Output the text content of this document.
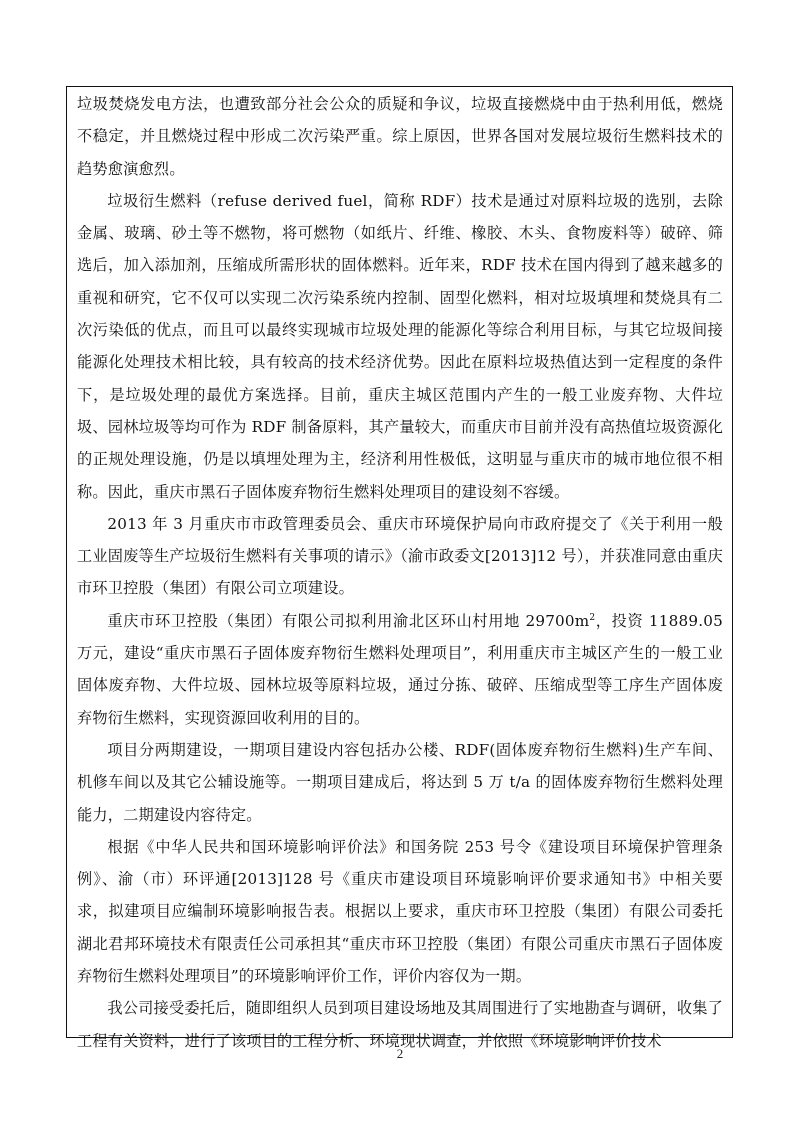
垃圾焚烧发电方法，也遭致部分社会公众的质疑和争议，垃圾直接燃烧中由于热利用低，燃烧不稳定，并且燃烧过程中形成二次污染严重。综上原因，世界各国对发展垃圾衍生燃料技术的趋势愈演愈烈。

垃圾衍生燃料（refuse derived fuel，简称 RDF）技术是通过对原料垃圾的选别，去除金属、玻璃、砂土等不燃物，将可燃物（如纸片、纤维、橡胶、木头、食物废料等）破碎、筛选后，加入添加剂，压缩成所需形状的固体燃料。近年来，RDF 技术在国内得到了越来越多的重视和研究，它不仅可以实现二次污染系统内控制、固型化燃料，相对垃圾填埋和焚烧具有二次污染低的优点，而且可以最终实现城市垃圾处理的能源化等综合利用目标，与其它垃圾间接能源化处理技术相比较，具有较高的技术经济优势。因此在原料垃圾热值达到一定程度的条件下，是垃圾处理的最优方案选择。目前，重庆主城区范围内产生的一般工业废弃物、大件垃圾、园林垃圾等均可作为 RDF 制备原料，其产量较大，而重庆市目前并没有高热值垃圾资源化的正规处理设施，仍是以填埋处理为主，经济利用性极低，这明显与重庆市的城市地位很不相称。因此，重庆市黑石子固体废弃物衍生燃料处理项目的建设刻不容缓。

2013 年 3 月重庆市市政管理委员会、重庆市环境保护局向市政府提交了《关于利用一般工业固废等生产垃圾衍生燃料有关事项的请示》（渝市政委文[2013]12 号），并获准同意由重庆市环卫控股（集团）有限公司立项建设。

重庆市环卫控股（集团）有限公司拟利用渝北区环山村用地 $29700m^2$，投资 11889.05 万元，建设“重庆市黑石子固体废弃物衍生燃料处理项目”，利用重庆市主城区产生的一般工业固体废弃物、大件垃圾、园林垃圾等原料垃圾，通过分拣、破碎、压缩成型等工序生产固体废弃物衍生燃料，实现资源回收利用的目的。

项目分两期建设，一期项目建设内容包括办公楼、RDF(固体废弃物衍生燃料)生产车间、机修车间以及其它公辅设施等。一期项目建成后，将达到 5 万 t/a 的固体废弃物衍生燃料处理能力，二期建设内容待定。

根据《中华人民共和国环境影响评价法》和国务院 253 号令《建设项目环境保护管理条例》、渝（市）环评通[2013]128 号《重庆市建设项目环境影响评价要求通知书》中相关要求，拟建项目应编制环境影响报告表。根据以上要求，重庆市环卫控股（集团）有限公司委托湖北君邦环境技术有限责任公司承担其“重庆市环卫控股（集团）有限公司重庆市黑石子固体废弃物衍生燃料处理项目”的环境影响评价工作，评价内容仅为一期。

我公司接受委托后，随即组织人员到项目建设场地及其周围进行了实地勘查与调研，收集了工程有关资料，进行了该项目的工程分析、环境现状调查，并依照《环境影响评价技术

2
